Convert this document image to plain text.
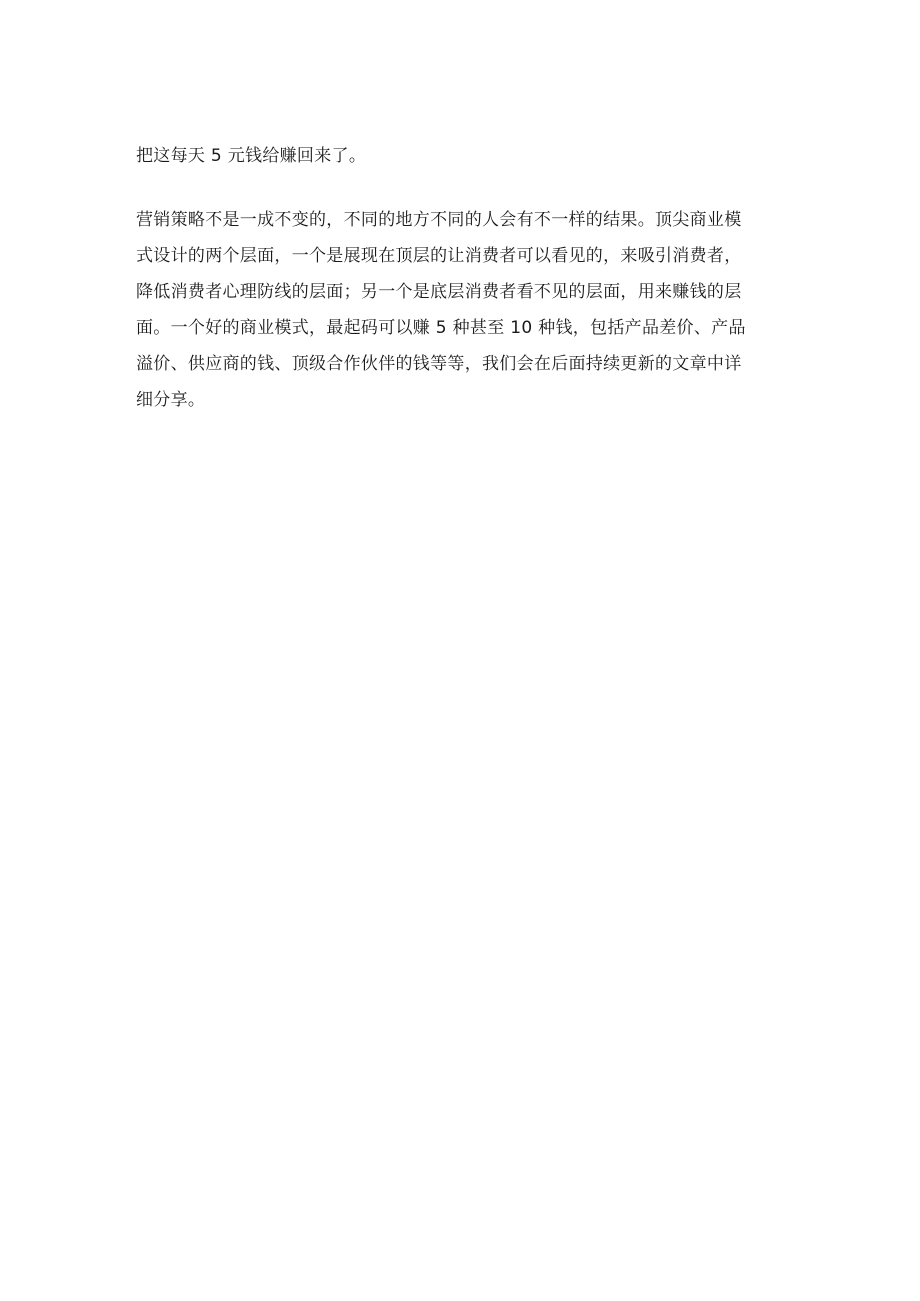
把这每天 5 元钱给赚回来了。
营销策略不是一成不变的，不同的地方不同的人会有不一样的结果。顶尖商业模
式设计的两个层面，一个是展现在顶层的让消费者可以看见的，来吸引消费者，
降低消费者心理防线的层面；另一个是底层消费者看不见的层面，用来赚钱的层
面。一个好的商业模式，最起码可以赚 5 种甚至 10 种钱，包括产品差价、产品
溢价、供应商的钱、顶级合作伙伴的钱等等，我们会在后面持续更新的文章中详
细分享。
